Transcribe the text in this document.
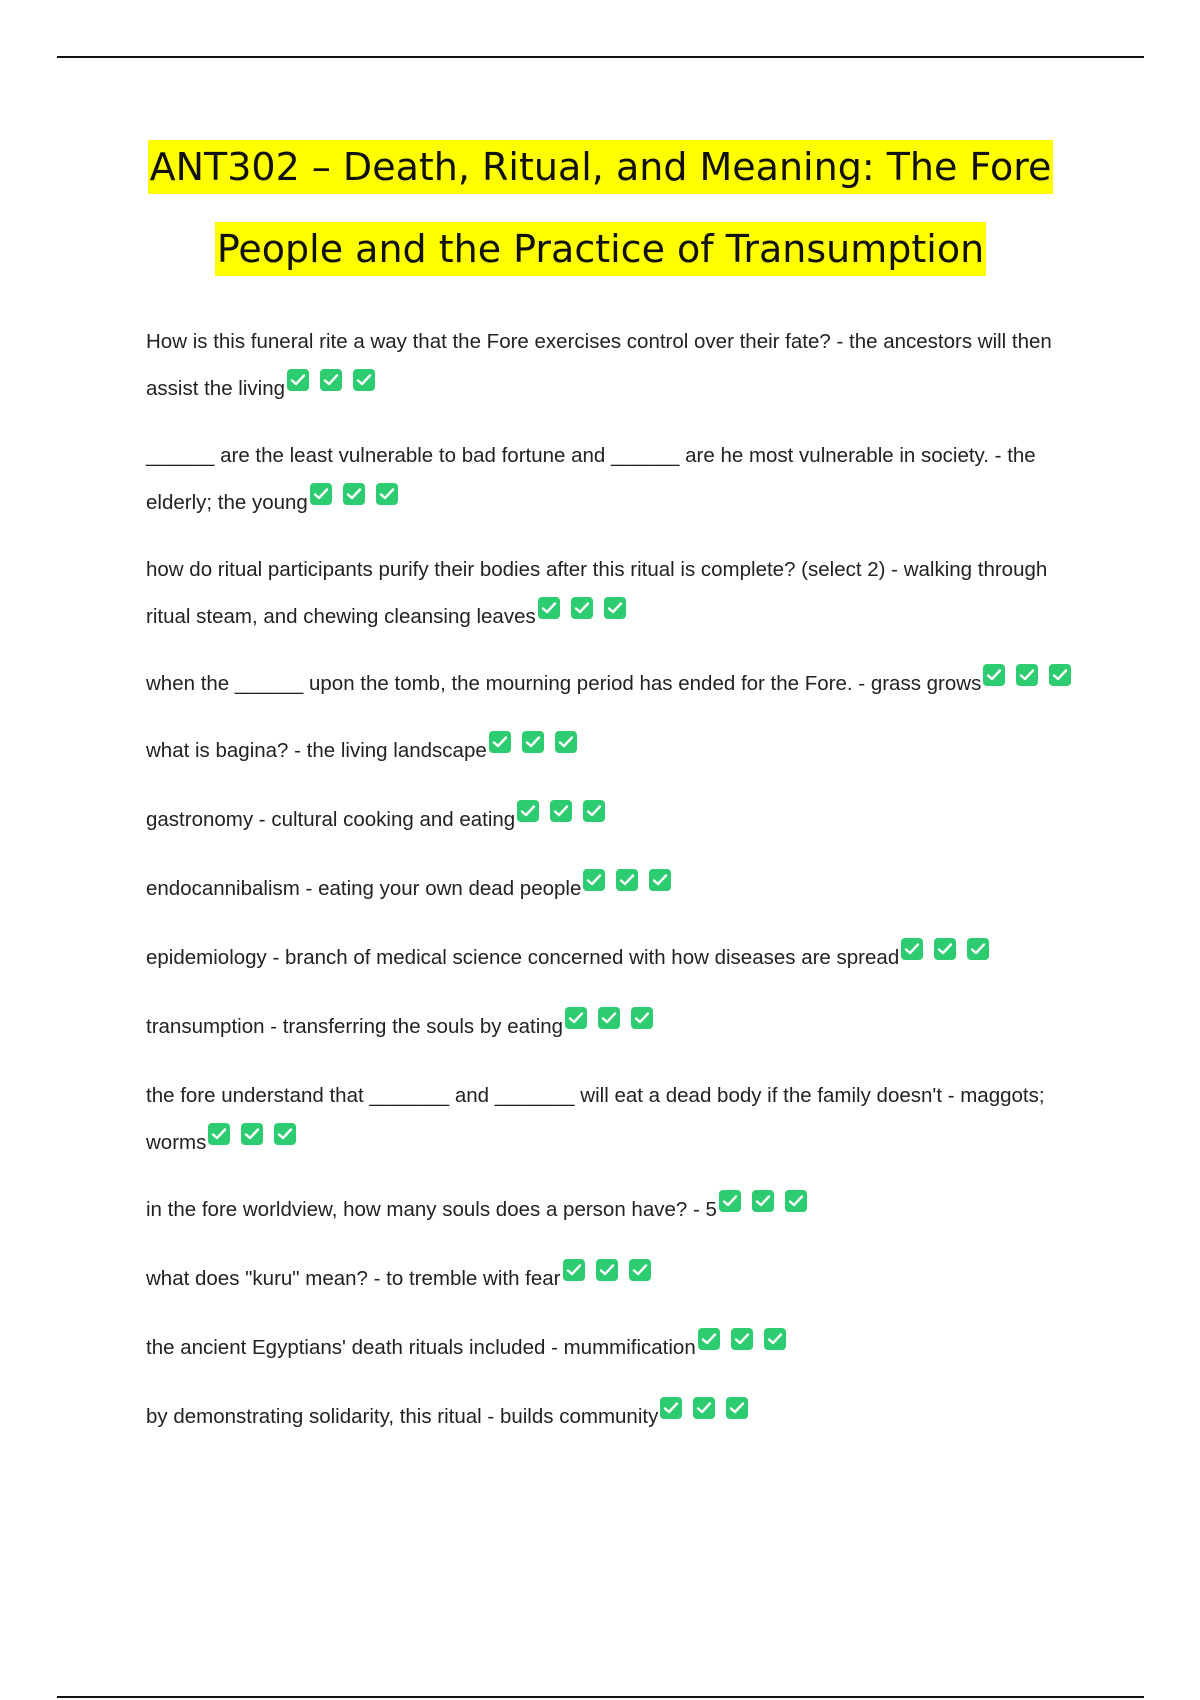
ANT302 – Death, Ritual, and Meaning: The Fore
People and the Practice of Transumption

How is this funeral rite a way that the Fore exercises control over their fate? - the ancestors will then assist the living

______ are the least vulnerable to bad fortune and ______ are he most vulnerable in society. - the elderly; the young

how do ritual participants purify their bodies after this ritual is complete? (select 2) - walking through ritual steam, and chewing cleansing leaves

when the ______ upon the tomb, the mourning period has ended for the Fore. - grass grows

what is bagina? - the living landscape

gastronomy - cultural cooking and eating

endocannibalism - eating your own dead people

epidemiology - branch of medical science concerned with how diseases are spread

transumption - transferring the souls by eating

the fore understand that _______ and _______ will eat a dead body if the family doesn't - maggots; worms

in the fore worldview, how many souls does a person have? - 5

what does "kuru" mean? - to tremble with fear

the ancient Egyptians' death rituals included - mummification

by demonstrating solidarity, this ritual - builds community
